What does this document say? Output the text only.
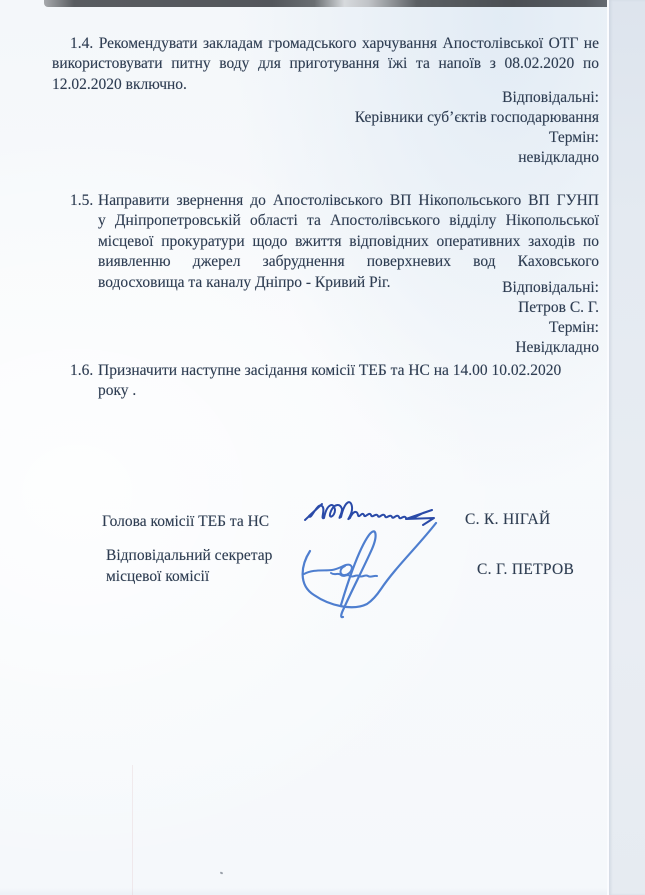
1.4. Рекомендувати закладам громадського харчування Апостолівської ОТГ не
використовувати питну воду для приготування їжі та напоїв з 08.02.2020 по
12.02.2020 включно.
Відповідальні:
Керівники суб’єктів господарювання
Термін:
невідкладно
1.5. Направити звернення до Апостолівського ВП Нікопольського ВП ГУНП
у Дніпропетровській області та Апостолівського відділу Нікопольської
місцевої прокуратури щодо вжиття відповідних оперативних заходів по
виявленню джерел забруднення поверхневих вод Каховського
водосховища та каналу Дніпро - Кривий Ріг.	Відповідальні:
Петров С. Г.
Термін:
Невідкладно
1.6. Призначити наступне засідання комісії ТЕБ та НС на 14.00 10.02.2020
року .
Голова комісії ТЕБ та НС
Відповідальний секретар
місцевої комісії
С. К. НІГАЙ
С. Г. ПЕТРОВ
